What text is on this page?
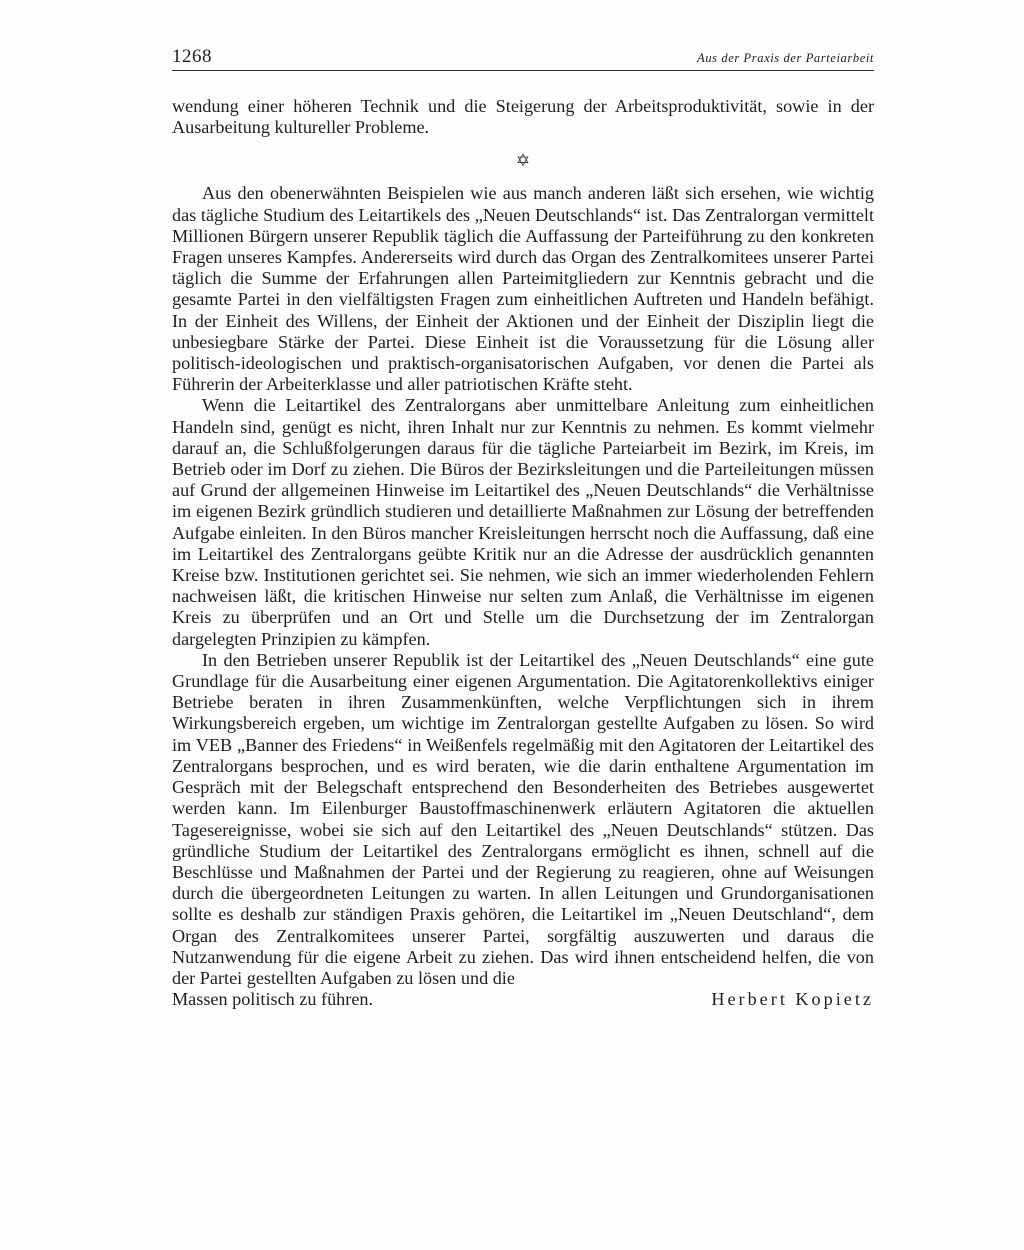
1268	Aus der Praxis der Parteiarbeit

wendung einer höheren Technik und die Steigerung der Arbeitsproduktivität, sowie in der Ausarbeitung kultureller Probleme.

✡

Aus den obenerwähnten Beispielen wie aus manch anderen läßt sich ersehen, wie wichtig das tägliche Studium des Leitartikels des „Neuen Deutschlands“ ist. Das Zentralorgan vermittelt Millionen Bürgern unserer Republik täglich die Auffassung der Parteiführung zu den konkreten Fragen unseres Kampfes. Andererseits wird durch das Organ des Zentralkomitees unserer Partei täglich die Summe der Erfahrungen allen Parteimitgliedern zur Kenntnis gebracht und die gesamte Partei in den vielfältigsten Fragen zum einheitlichen Auftreten und Handeln befähigt. In der Einheit des Willens, der Einheit der Aktionen und der Einheit der Disziplin liegt die unbesiegbare Stärke der Partei. Diese Einheit ist die Voraussetzung für die Lösung aller politisch-ideologischen und praktisch-organisatorischen Aufgaben, vor denen die Partei als Führerin der Arbeiterklasse und aller patriotischen Kräfte steht.

Wenn die Leitartikel des Zentralorgans aber unmittelbare Anleitung zum einheitlichen Handeln sind, genügt es nicht, ihren Inhalt nur zur Kenntnis zu nehmen. Es kommt vielmehr darauf an, die Schlußfolgerungen daraus für die tägliche Parteiarbeit im Bezirk, im Kreis, im Betrieb oder im Dorf zu ziehen. Die Büros der Bezirksleitungen und die Parteileitungen müssen auf Grund der allgemeinen Hinweise im Leitartikel des „Neuen Deutschlands“ die Verhältnisse im eigenen Bezirk gründlich studieren und detaillierte Maßnahmen zur Lösung der betreffenden Aufgabe einleiten. In den Büros mancher Kreisleitungen herrscht noch die Auffassung, daß eine im Leitartikel des Zentralorgans geübte Kritik nur an die Adresse der ausdrücklich genannten Kreise bzw. Institutionen gerichtet sei. Sie nehmen, wie sich an immer wiederholenden Fehlern nachweisen läßt, die kritischen Hinweise nur selten zum Anlaß, die Verhältnisse im eigenen Kreis zu überprüfen und an Ort und Stelle um die Durchsetzung der im Zentralorgan dargelegten Prinzipien zu kämpfen.

In den Betrieben unserer Republik ist der Leitartikel des „Neuen Deutschlands“ eine gute Grundlage für die Ausarbeitung einer eigenen Argumentation. Die Agitatorenkollektivs einiger Betriebe beraten in ihren Zusammenkünften, welche Verpflichtungen sich in ihrem Wirkungsbereich ergeben, um wichtige im Zentralorgan gestellte Aufgaben zu lösen. So wird im VEB „Banner des Friedens“ in Weißenfels regelmäßig mit den Agitatoren der Leitartikel des Zentralorgans besprochen, und es wird beraten, wie die darin enthaltene Argumentation im Gespräch mit der Belegschaft entsprechend den Besonderheiten des Betriebes ausgewertet werden kann. Im Eilenburger Baustoffmaschinenwerk erläutern Agitatoren die aktuellen Tagesereignisse, wobei sie sich auf den Leitartikel des „Neuen Deutschlands“ stützen. Das gründliche Studium der Leitartikel des Zentralorgans ermöglicht es ihnen, schnell auf die Beschlüsse und Maßnahmen der Partei und der Regierung zu reagieren, ohne auf Weisungen durch die übergeordneten Leitungen zu warten. In allen Leitungen und Grundorganisationen sollte es deshalb zur ständigen Praxis gehören, die Leitartikel im „Neuen Deutschland“, dem Organ des Zentralkomitees unserer Partei, sorgfältig auszuwerten und daraus die Nutzanwendung für die eigene Arbeit zu ziehen. Das wird ihnen entscheidend helfen, die von der Partei gestellten Aufgaben zu lösen und die

Massen politisch zu führen.	Herbert Kopietz
